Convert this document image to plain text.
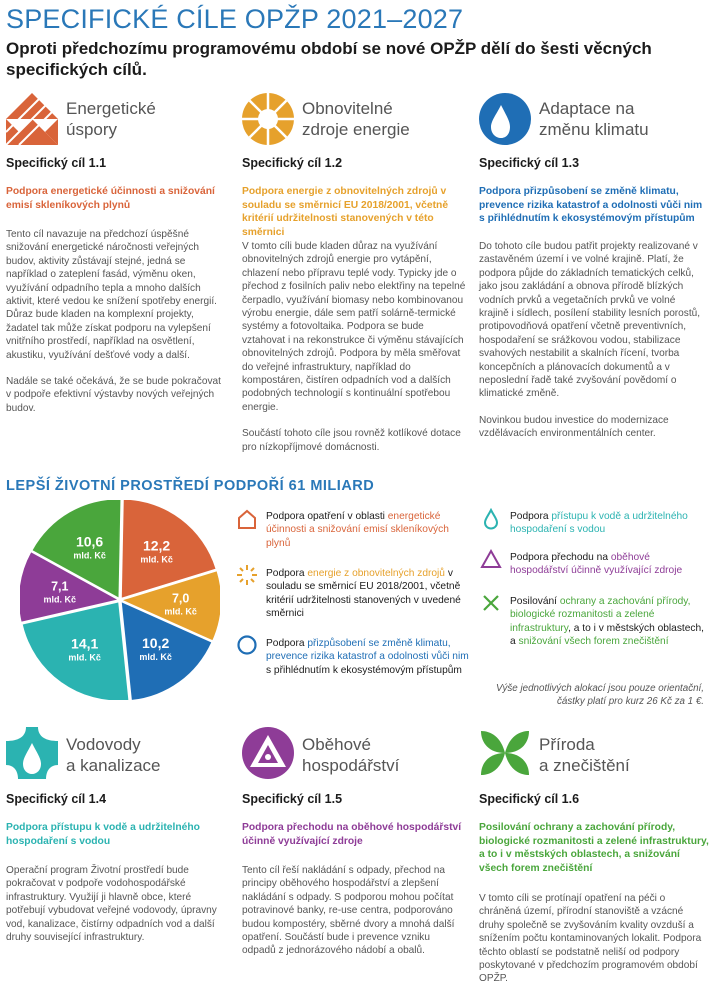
SPECIFICKÉ CÍLE OPŽP 2021–2027
Oproti předchozímu programovému období se nové OPŽP dělí do šesti věcných specifických cílů.
Energetické
úspory
Specifický cíl 1.1
Podpora energetické účinnosti a snižování emisí skleníkových plynů

Tento cíl navazuje na předchozí úspěšné snižování energetické náročnosti veřejných budov, aktivity zůstávají stejné, jedná se například o zateplení fasád, výměnu oken, využívání odpadního tepla a mnoho dalších aktivit, které vedou ke snížení spotřeby energií. Důraz bude kladen na komplexní projekty, žadatel tak může získat podporu na vylepšení vnitřního prostředí, například na osvětlení, akustiku, využívání dešťové vody a další.

Nadále se také očekává, že se bude pokračovat v podpoře efektivní výstavby nových veřejných budov.

Obnovitelné
zdroje energie
Specifický cíl 1.2
Podpora energie z obnovitelných zdrojů v souladu se směrnicí EU 2018/2001, včetně kritérií udržitelnosti stanovených v této směrnici

V tomto cíli bude kladen důraz na využívání obnovitelných zdrojů energie pro vytápění, chlazení nebo přípravu teplé vody. Typicky jde o přechod z fosilních paliv nebo elektřiny na tepelné čerpadlo, využívání biomasy nebo kombinovanou výrobu energie, dále sem patří solárně-termické systémy a fotovoltaika. Podpora se bude vztahovat i na rekonstrukce či výměnu stávajících obnovitelných zdrojů. Podpora by měla směřovat do veřejné infrastruktury, například do kompostáren, čistíren odpadních vod a dalších podobných technologií s kontinuální spotřebou energie.

Součástí tohoto cíle jsou rovněž kotlíkové dotace pro nízkopříjmové domácnosti.

Adaptace na
změnu klimatu
Specifický cíl 1.3
Podpora přizpůsobení se změně klimatu, prevence rizika katastrof a odolnosti vůči nim s přihlédnutím k ekosystémovým přístupům

Do tohoto cíle budou patřit projekty realizované v zastavěném území i ve volné krajině. Platí, že podpora půjde do základních tematických celků, jako jsou zakládání a obnova přírodě blízkých vodních prvků a vegetačních prvků ve volné krajině i sídlech, posílení stability lesních porostů, protipovodňová opatření včetně preventivních, hospodaření se srážkovou vodou, stabilizace svahových nestabilit a skalních řícení, tvorba koncepčních a plánovacích dokumentů a v neposlední řadě také zvyšování povědomí o klimatické změně.

Novinkou budou investice do modernizace vzdělávacích environmentálních center.

LEPŠÍ ŽIVOTNÍ PROSTŘEDÍ PODPOŘÍ 61 MILIARD
12,2
mld. Kč
7,0
mld. Kč
10,2
mld. Kč
14,1
mld. Kč
7,1
mld. Kč
10,6
mld. Kč
Podpora opatření v oblasti energetické účinnosti a snižování emisí skleníkových plynů
Podpora energie z obnovitelných zdrojů v souladu se směrnicí EU 2018/2001, včetně kritérií udržitelnosti stanovených v uvedené směrnici
Podpora přizpůsobení se změně klimatu, prevence rizika katastrof a odolnosti vůči nim s přihlédnutím k ekosystémovým přístupům
Podpora přístupu k vodě a udržitelného hospodaření s vodou
Podpora přechodu na oběhové hospodářství účinně využívající zdroje
Posilování ochrany a zachování přírody, biologické rozmanitosti a zelené infrastruktury, a to i v městských oblastech, a snižování všech forem znečištění
Výše jednotlivých alokací jsou pouze orientační, částky platí pro kurz 26 Kč za 1 €.
Vodovody
a kanalizace
Specifický cíl 1.4
Podpora přístupu k vodě a udržitelného hospodaření s vodou

Operační program Životní prostředí bude pokračovat v podpoře vodohospodářské infrastruktury. Využijí ji hlavně obce, které potřebují vybudovat veřejné vodovody, úpravny vod, kanalizace, čistírny odpadních vod a další druhy související infrastruktury.

Oběhové
hospodářství
Specifický cíl 1.5
Podpora přechodu na oběhové hospodářství účinně využívající zdroje

Tento cíl řeší nakládání s odpady, přechod na principy oběhového hospodářství a zlepšení nakládání s odpady. S podporou mohou počítat potravinové banky, re-use centra, podporováno budou kompostéry, sběrné dvory a mnohá další opatření. Součástí bude i prevence vzniku odpadů z jednorázového nádobí a obalů.

Příroda
a znečištění
Specifický cíl 1.6
Posilování ochrany a zachování přírody, biologické rozmanitosti a zelené infrastruktury, a to i v městských oblastech, a snižování všech forem znečištění

V tomto cíli se protínají opatření na péči o chráněná území, přírodní stanoviště a vzácné druhy společně se zvyšováním kvality ovzduší a snížením počtu kontaminovaných lokalit. Podpora těchto oblastí se podstatně neliší od podpory poskytované v předchozím programovém období OPŽP.
